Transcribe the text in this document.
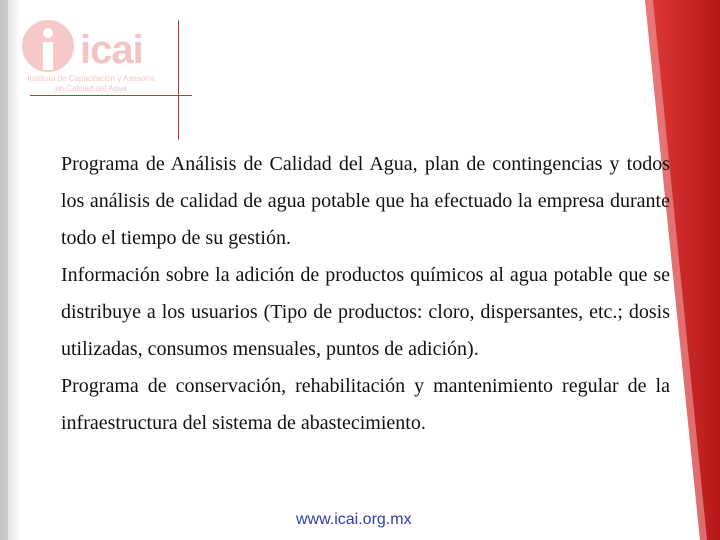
icai
Instituto de Capacitación y Asesoría en Calidad del Agua

Programa de Análisis de Calidad del Agua, plan de contingencias y todos los análisis de calidad de agua potable que ha efectuado la empresa durante todo el tiempo de su gestión.

Información sobre la adición de productos químicos al agua potable que se distribuye a los usuarios (Tipo de productos: cloro, dispersantes, etc.; dosis utilizadas, consumos mensuales, puntos de adición).

Programa de conservación, rehabilitación y mantenimiento regular de la infraestructura del sistema de abastecimiento.

www.icai.org.mx
